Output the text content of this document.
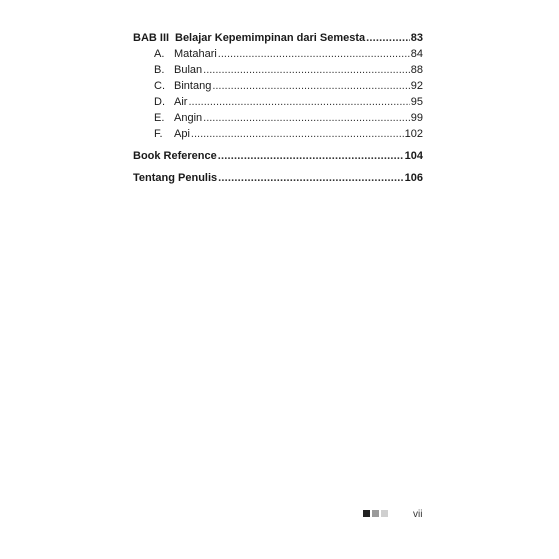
BAB III Belajar Kepemimpinan dari Semesta .....	83
A. Matahari .....	84
B. Bulan .....	88
C. Bintang .....	92
D. Air .....	95
E. Angin .....	99
F.	Api .....	102
Book Reference .....	104
Tentang Penulis .....	106
vii
